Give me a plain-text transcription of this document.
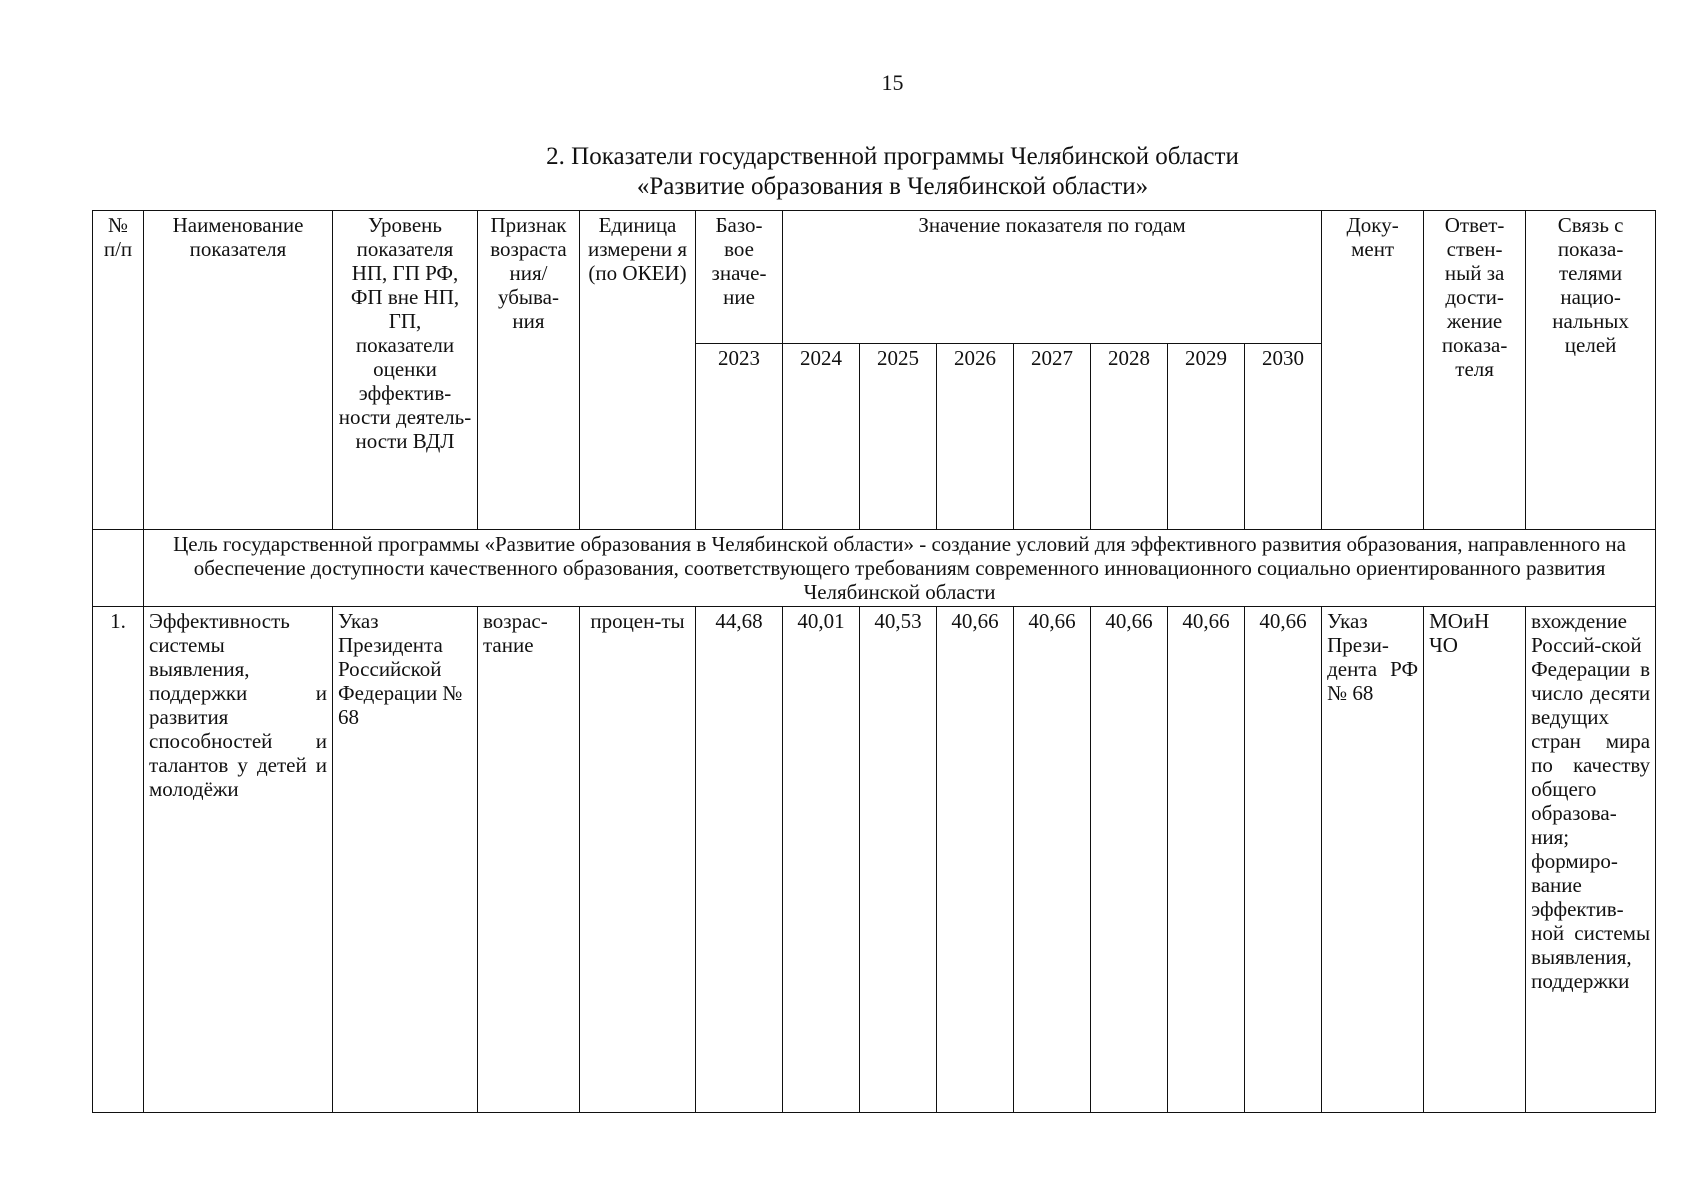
15
2. Показатели государственной программы Челябинской области
«Развитие образования в Челябинской области»
№ п/п	Наименование показателя	Уровень показателя НП, ГП РФ, ФП вне НП, ГП, показатели оценки эффектив-ности деятель-ности ВДЛ	Признак возраста ния/ убыва-ния	Единица измерени я (по ОКЕИ)	Базо-вое значе-ние	Значение показателя по годам							Доку-мент	Ответ-ствен-ный за дости-жение показа-теля	Связь с показа-телями нацио-нальных целей
					2023	2024	2025	2026	2027	2028	2029	2030			
	Цель государственной программы «Развитие образования в Челябинской области» - создание условий для эффективного развития образования, направленного на обеспечение доступности качественного образования, соответствующего требованиям современного инновационного социально ориентированного развития Челябинской области														
1.	Эффективность системы выявления, поддержки и развития способностей и талантов у детей и молодёжи	Указ Президента Российской Федерации № 68	возрас-тание	процен-ты	44,68	40,01	40,53	40,66	40,66	40,66	40,66	40,66	Указ Прези-дента РФ № 68	МОиН ЧО	вхождение Россий-ской Федерации в число десяти ведущих стран мира по качеству общего образова-ния; формиро-вание эффектив-ной системы выявления, поддержки
